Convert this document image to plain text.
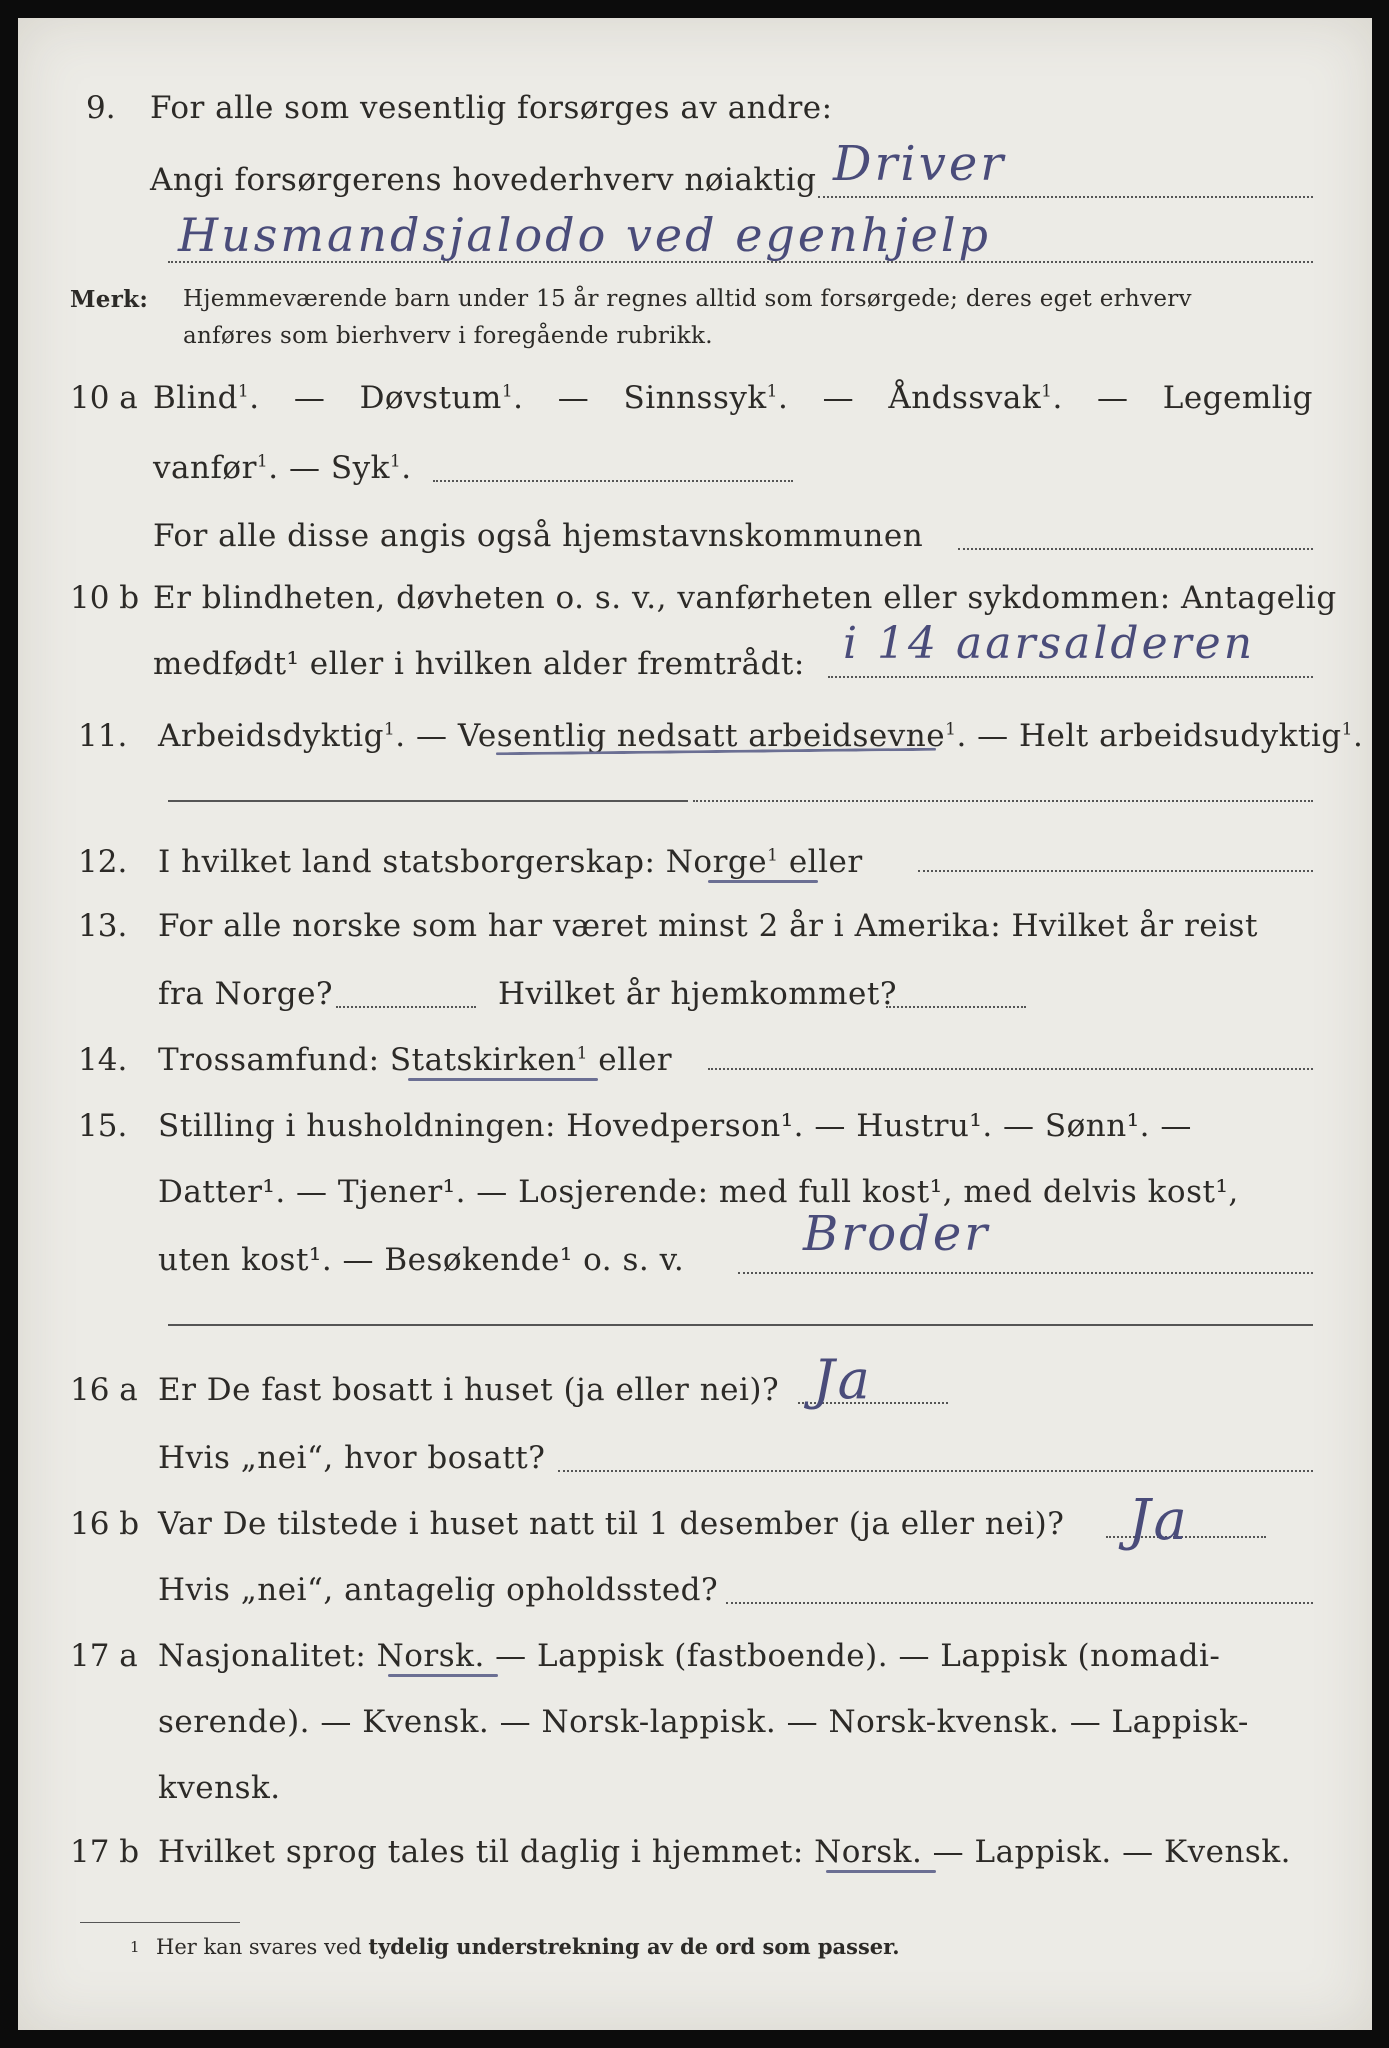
9. For alle som vesentlig forsørges av andre:
Angi forsørgerens hovederhverv nøiaktig Driver
Husmandsjalodo ved egenhjelp
Merk: Hjemmeværende barn under 15 år regnes alltid som forsørgede; deres eget erhverv
anføres som bierhverv i foregående rubrikk.
10 a Blind$^1$. — Døvstum$^1$. — Sinnssyk$^1$. — Åndssvak$^1$. — Legemlig
vanfør$^1$. — Syk$^1$.
For alle disse angis også hjemstavnskommunen
10 b Er blindheten, døvheten o. s. v., vanførheten eller sykdommen: Antagelig
medfødt¹ eller i hvilken alder fremtrådt: i 14 aarsalderen
11. Arbeidsdyktig$^1$. — Vesentlig nedsatt arbeidsevne$^1$. — Helt arbeidsudyktig$^1$.
12. I hvilket land statsborgerskap: Norge$^1$ eller
13. For alle norske som har været minst 2 år i Amerika: Hvilket år reist
fra Norge?	Hvilket år hjemkommet?
14. Trossamfund: Statskirken$^1$ eller
15. Stilling i husholdningen: Hovedperson¹. — Hustru¹. — Sønn¹. —
Datter¹. — Tjener¹. — Losjerende: med full kost¹, med delvis kost¹,
uten kost¹. — Besøkende¹ o. s. v. Broder
16 a Er De fast bosatt i huset (ja eller nei)? Ja
Hvis „nei“, hvor bosatt?
16 b Var De tilstede i huset natt til 1 desember (ja eller nei)? Ja
Hvis „nei“, antagelig opholdssted?
17 a Nasjonalitet: Norsk. — Lappisk (fastboende). — Lappisk (nomadi-
serende). — Kvensk. — Norsk-lappisk. — Norsk-kvensk. — Lappisk-
kvensk.
17 b Hvilket sprog tales til daglig i hjemmet: Norsk. — Lappisk. — Kvensk.
1 Her kan svares ved tydelig understrekning av de ord som passer.
